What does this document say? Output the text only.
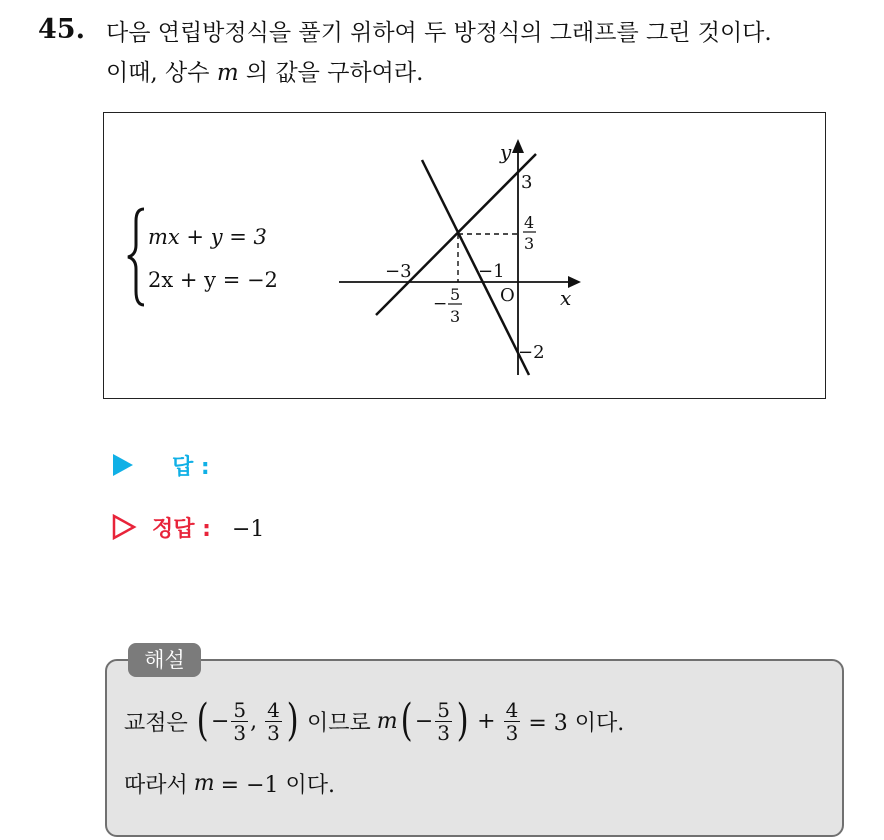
45. 다음 연립방정식을 풀기 위하여 두 방정식의 그래프를 그린 것이다.
이때, 상수 m 의 값을 구하여라.
mx + y = 3
2x + y = −2
y
x
O
3
−2
−3	−1
4
3
− 5
3
답 :
정답 : −1
해설
교점은 ( − $\frac{5}{3}$ , $\frac{4}{3}$ ) 이므로 m ( − $\frac{5}{3}$ ) + $\frac{4}{3} = 3$ 이다.
따라서 m = −1 이다.
